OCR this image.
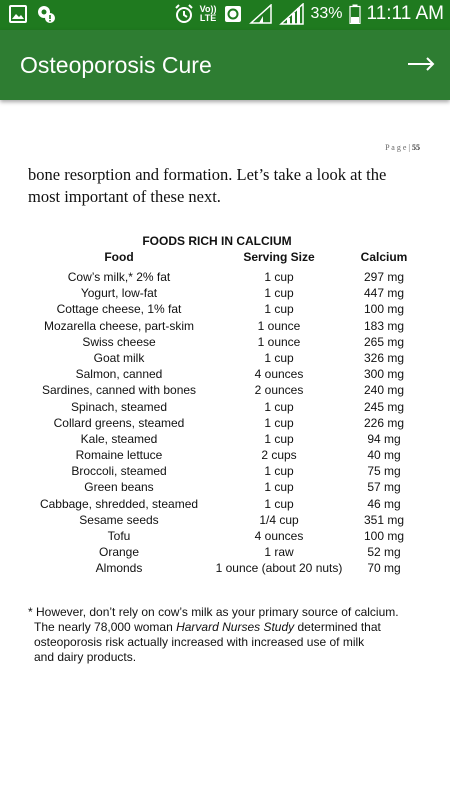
Vo))
LTE	33% 11:11 AM
Osteoporosis Cure
P a g e | 55
bone resorption and formation. Let’s take a look at the most important of these next.
FOODS RICH IN CALCIUM
Food	Serving Size	Calcium
Cow’s milk,* 2% fat	1 cup	297 mg
Yogurt, low-fat	1 cup	447 mg
Cottage cheese, 1% fat	1 cup	100 mg
Mozarella cheese, part-skim	1 ounce	183 mg
Swiss cheese	1 ounce	265 mg
Goat milk	1 cup	326 mg
Salmon, canned	4 ounces	300 mg
Sardines, canned with bones	2 ounces	240 mg
Spinach, steamed	1 cup	245 mg
Collard greens, steamed	1 cup	226 mg
Kale, steamed	1 cup	94 mg
Romaine lettuce	2 cups	40 mg
Broccoli, steamed	1 cup	75 mg
Green beans	1 cup	57 mg
Cabbage, shredded, steamed	1 cup	46 mg
Sesame seeds	1/4 cup	351 mg
Tofu	4 ounces	100 mg
Orange	1 raw	52 mg
Almonds	1 ounce (about 20 nuts)	70 mg
* However, don’t rely on cow’s milk as your primary source of calcium.
The nearly 78,000 woman Harvard Nurses Study determined that
osteoporosis risk actually increased with increased use of milk
and dairy products.
